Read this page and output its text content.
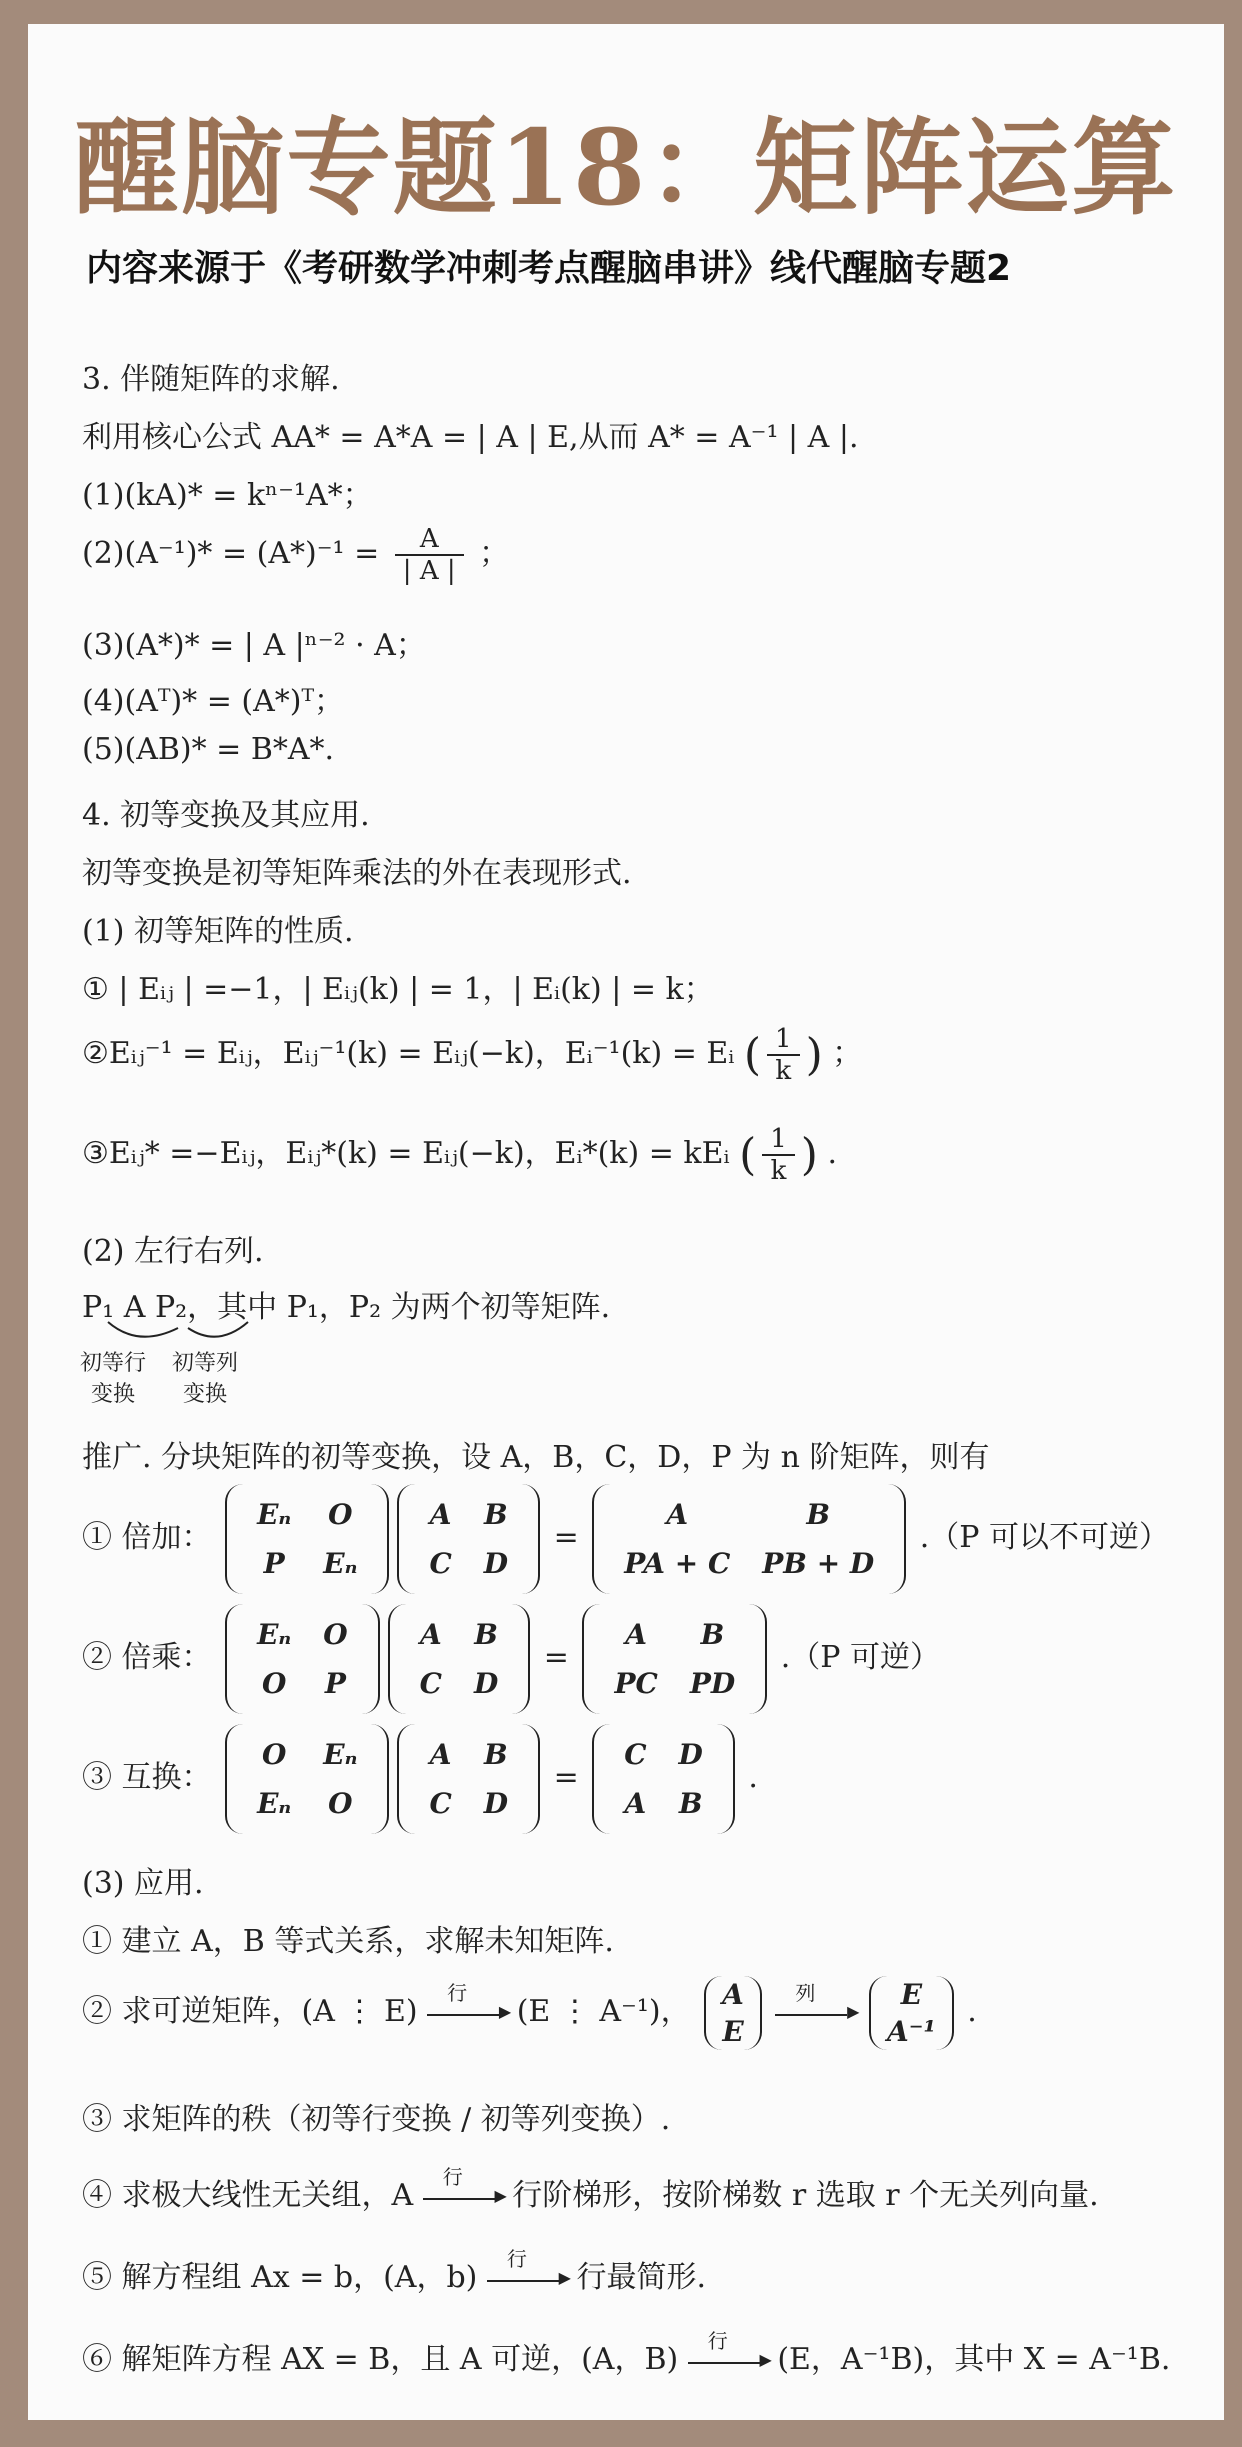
醒脑专题18：矩阵运算
内容来源于《考研数学冲刺考点醒脑串讲》线代醒脑专题2
3. 伴随矩阵的求解.
利用核心公式 AA* = A*A = | A | E,从而 A* = A⁻¹ | A |.
(1)(kA)* = kⁿ⁻¹A*；
$(2)(A^{-1})* = (A*)^{-1} = \frac{A}{| A |}$ ；
(3)(A*)* = | A |ⁿ⁻² · A；
(4)(Aᵀ)* = (A*)ᵀ；
(5)(AB)* = B*A*.
4. 初等变换及其应用.
初等变换是初等矩阵乘法的外在表现形式.
(1) 初等矩阵的性质.
① | Eᵢⱼ | =−1，| Eᵢⱼ(k) | = 1，| Eᵢ(k) | = k；
②Eᵢⱼ⁻¹ = Eᵢⱼ，Eᵢⱼ⁻¹(k) = Eᵢⱼ(−k)，Eᵢ⁻¹(k) = Eᵢ ( $\frac{1}{k}$ ) ；
③Eᵢⱼ* =−Eᵢⱼ，Eᵢⱼ*(k) = Eᵢⱼ(−k)，Eᵢ*(k) = kEᵢ ( $\frac{1}{k}$ ) .
(2) 左行右列.
P₁ A P₂，其中 P₁，P₂ 为两个初等矩阵.
初等行
变换
初等列
变换
推广. 分块矩阵的初等变换，设 A，B，C，D，P 为 n 阶矩阵，则有
① 倍加：
Eₙ	O
P	Eₙ
A	B
C	D
=
A	B
PA + C	PB + D
.（P 可以不可逆）
② 倍乘：
Eₙ	O
O	P
A	B
C	D
=
A	B
PC	PD
.（P 可逆）
③ 互换：
O	Eₙ
Eₙ	O
A	B
C	D
=
C	D
A	B
.
(3) 应用.
① 建立 A，B 等式关系，求解未知矩阵.
② 求可逆矩阵，(A ⋮ E)
行
▶ (E ⋮ A⁻¹)， A
E

列
▶	E
A⁻¹
.
③ 求矩阵的秩（初等行变换 / 初等列变换）.
④ 求极大线性无关组，A
行
▶ 行阶梯形，按阶梯数 r 选取 r 个无关列向量.
⑤ 解方程组 Ax = b，(A，b)
行
▶ 行最简形.
⑥ 解矩阵方程 AX = B，且 A 可逆，(A，B)
行
▶ (E，A⁻¹B)，其中 X = A⁻¹B.
